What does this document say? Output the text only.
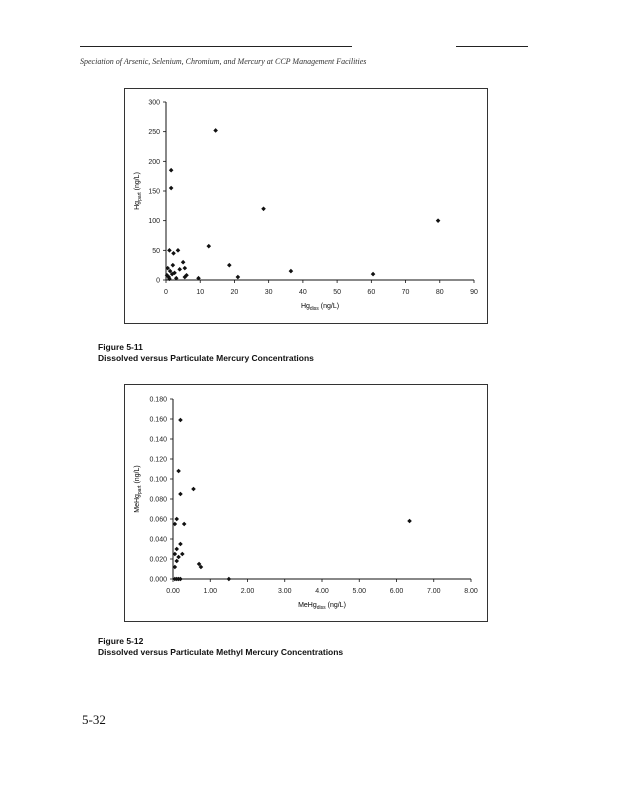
Speciation of Arsenic, Selenium, Chromium, and Mercury at CCP Management Facilities
0
50
100
150
200
250
300
0	10	20	30	40	50	60	70	80	90
$Hg_{diss}$ (ng/L)
$Hg_{part}$ (ng/L)
Figure 5-11
Dissolved versus Particulate Mercury Concentrations
0.000
0.020
0.040
0.060
0.080
0.100
0.120
0.140
0.160
0.180
0.00	1.00	2.00	3.00	4.00	5.00	6.00	7.00	8.00
MeHg$_{diss}$ (ng/L)
MeHg$_{part}$ (ng/L)
Figure 5-12
Dissolved versus Particulate Methyl Mercury Concentrations
5-32
